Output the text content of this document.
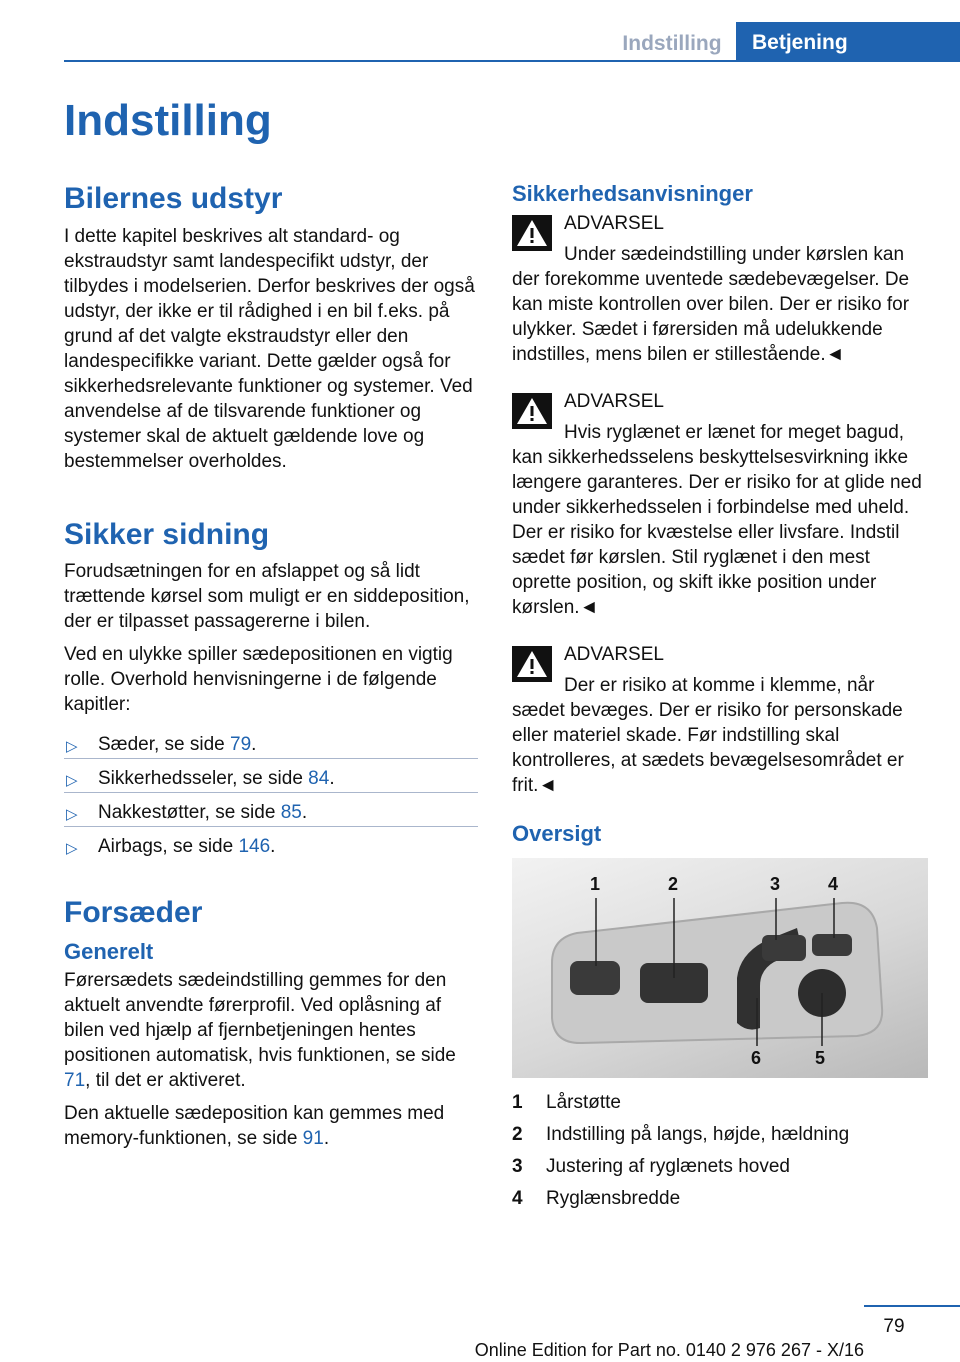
Indstilling	Betjening
Indstilling
Bilernes udstyr

I dette kapitel beskrives alt standard- og ekstraudstyr samt landespecifikt udstyr, der tilbydes i modelserien. Derfor beskrives der også udstyr, der ikke er til rådighed i en bil f.eks. på grund af det valgte ekstraudstyr eller den landespecifikke variant. Dette gælder også for sikkerhedsrelevante funktioner og systemer. Ved anvendelse af de tilsvarende funktioner og systemer skal de aktuelt gældende love og bestemmelser overholdes.

Sikker sidning

Forudsætningen for en afslappet og så lidt trættende kørsel som muligt er en siddeposition, der er tilpasset passagererne i bilen.

Ved en ulykke spiller sædepositionen en vigtig rolle. Overhold henvisningerne i de følgende kapitler:

▷ Sæder, se side 79.
▷ Sikkerhedsseler, se side 84.
▷ Nakkestøtter, se side 85.
▷ Airbags, se side 146.
Forsæder
Generelt

Førersædets sædeindstilling gemmes for den aktuelt anvendte førerprofil. Ved oplåsning af bilen ved hjælp af fjernbetjeningen hentes positionen automatisk, hvis funktionen, se side 71, til det er aktiveret.

Den aktuelle sædeposition kan gemmes med memory-funktionen, se side 91.

Sikkerhedsanvisninger
ADVARSEL
Under sædeindstilling under kørslen kan der forekomme uventede sædebevægelser. De kan miste kontrollen over bilen. Der er risiko for ulykker. Sædet i førersiden må udelukkende indstilles, mens bilen er stillestående.◄
ADVARSEL
Hvis ryglænet er lænet for meget bagud, kan sikkerhedsselens beskyttelsesvirkning ikke længere garanteres. Der er risiko for at glide ned under sikkerhedsselen i forbindelse med uheld. Der er risiko for kvæstelse eller livsfare. Indstil sædet før kørslen. Stil ryglænet i den mest oprette position, og skift ikke position under kørslen.◄
ADVARSEL
Der er risiko at komme i klemme, når sædet bevæges. Der er risiko for personskade eller materiel skade. Før indstilling skal kontrolleres, at sædets bevægelsesområdet er frit.◄
Oversigt
1	2	3	4
5
6
1 Lårstøtte
2 Indstilling på langs, højde, hældning
3 Justering af ryglænets hoved
4 Ryglænsbredde
79
Online Edition for Part no. 0140 2 976 267 - X/16
